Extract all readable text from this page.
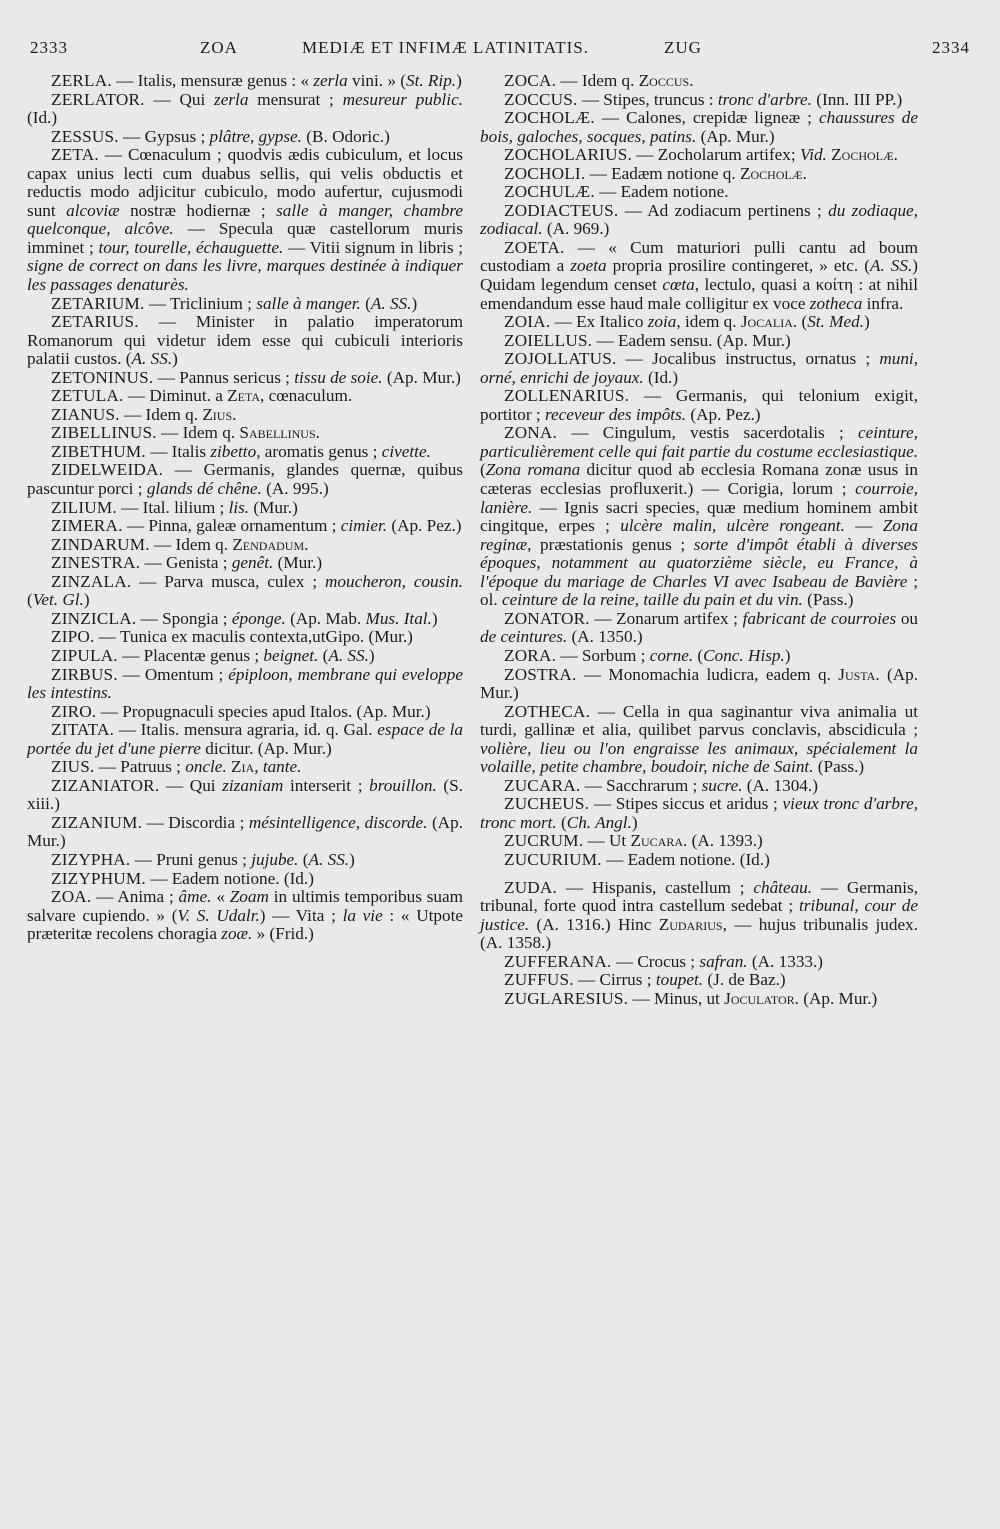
2333	ZOA	MEDIÆ ET INFIMÆ LATINITATIS.	ZUG	2334

ZERLA. — Italis, mensuræ genus : « zerla vini. » (St. Rip.)

ZERLATOR. — Qui zerla mensurat ; mesureur public. (Id.)

ZESSUS. — Gypsus ; plâtre, gypse. (B. Odoric.)

ZETA. — Cœnaculum ; quodvis ædis cubiculum, et locus capax unius lecti cum duabus sellis, qui velis obductis et reductis modo adjicitur cubiculo, modo aufertur, cujusmodi sunt alcoviæ nostræ hodiernæ ; salle à manger, chambre quelconque, alcôve. — Specula quæ castellorum muris imminet ; tour, tourelle, échauguette. — Vitii signum in libris ; signe de correct on dans les livre, marques destinée à indiquer les passages denaturès.

ZETARIUM. — Triclinium ; salle à manger. (A. SS.)

ZETARIUS. — Minister in palatio imperatorum Romanorum qui videtur idem esse qui cubiculi interioris palatii custos. (A. SS.)

ZETONINUS. — Pannus sericus ; tissu de soie. (Ap. Mur.)

ZETULA. — Diminut. a Zeta, cœnaculum.

ZIANUS. — Idem q. Zius.

ZIBELLINUS. — Idem q. Sabellinus.

ZIBETHUM. — Italis zibetto, aromatis genus ; civette.

ZIDELWEIDA. — Germanis, glandes quernæ, quibus pascuntur porci ; glands dé chêne. (A. 995.)

ZILIUM. — Ital. lilium ; lis. (Mur.)

ZIMERA. — Pinna, galeæ ornamentum ; cimier. (Ap. Pez.)

ZINDARUM. — Idem q. Zendadum.

ZINESTRA. — Genista ; genêt. (Mur.)

ZINZALA. — Parva musca, culex ; moucheron, cousin. (Vet. Gl.)

ZINZICLA. — Spongia ; éponge. (Ap. Mab. Mus. Ital.)

ZIPO. — Tunica ex maculis contexta,utGipo. (Mur.)

ZIPULA. — Placentæ genus ; beignet. (A. SS.)

ZIRBUS. — Omentum ; épiploon, membrane qui eveloppe les intestins.

ZIRO. — Propugnaculi species apud Italos. (Ap. Mur.)

ZITATA. — Italis. mensura agraria, id. q. Gal. espace de la portée du jet d'une pierre dicitur. (Ap. Mur.)

ZIUS. — Patruus ; oncle. Zia, tante.

ZIZANIATOR. — Qui zizaniam interserit ; brouillon. (S. xiii.)

ZIZANIUM. — Discordia ; mésintelligence, discorde. (Ap. Mur.)

ZIZYPHA. — Pruni genus ; jujube. (A. SS.)

ZIZYPHUM. — Eadem notione. (Id.)

ZOA. — Anima ; âme. « Zoam in ultimis temporibus suam salvare cupiendo. » (V. S. Udalr.) — Vita ; la vie : « Utpote præteritæ recolens choragia zoæ. » (Frid.)

ZOCA. — Idem q. Zoccus.

ZOCCUS. — Stipes, truncus : tronc d'arbre. (Inn. III PP.)

ZOCHOLÆ. — Calones, crepidæ ligneæ ; chaussures de bois, galoches, socques, patins. (Ap. Mur.)

ZOCHOLARIUS. — Zocholarum artifex; Vid. Zocholæ.

ZOCHOLI. — Eadæm notione q. Zocholæ.

ZOCHULÆ. — Eadem notione.

ZODIACTEUS. — Ad zodiacum pertinens ; du zodiaque, zodiacal. (A. 969.)

ZOETA. — « Cum maturiori pulli cantu ad boum custodiam a zoeta propria prosilire contingeret, » etc. (A. SS.) Quidam legendum censet cœta, lectulo, quasi a κοίτη : at nihil emendandum esse haud male colligitur ex voce zotheca infra.

ZOIA. — Ex Italico zoia, idem q. Jocalia. (St. Med.)

ZOIELLUS. — Eadem sensu. (Ap. Mur.)

ZOJOLLATUS. — Jocalibus instructus, ornatus ; muni, orné, enrichi de joyaux. (Id.)

ZOLLENARIUS. — Germanis, qui telonium exigit, portitor ; receveur des impôts. (Ap. Pez.)

ZONA. — Cingulum, vestis sacerdotalis ; ceinture, particulièrement celle qui fait partie du costume ecclesiastique. (Zona romana dicitur quod ab ecclesia Romana zonæ usus in cæteras ecclesias profluxerit.) — Corigia, lorum ; courroie, lanière. — Ignis sacri species, quæ medium hominem ambit cingitque, erpes ; ulcère malin, ulcère rongeant. — Zona reginæ, præstationis genus ; sorte d'impôt établi à diverses époques, notamment au quatorzième siècle, eu France, à l'époque du mariage de Charles VI avec Isabeau de Bavière ; ol. ceinture de la reine, taille du pain et du vin. (Pass.)

ZONATOR. — Zonarum artifex ; fabricant de courroies ou de ceintures. (A. 1350.)

ZORA. — Sorbum ; corne. (Conc. Hisp.)

ZOSTRA. — Monomachia ludicra, eadem q. Justa. (Ap. Mur.)

ZOTHECA. — Cella in qua saginantur viva animalia ut turdi, gallinæ et alia, quilibet parvus conclavis, abscidicula ; volière, lieu ou l'on engraisse les animaux, spécialement la volaille, petite chambre, boudoir, niche de Saint. (Pass.)

ZUCARA. — Sacchrarum ; sucre. (A. 1304.)

ZUCHEUS. — Stipes siccus et aridus ; vieux tronc d'arbre, tronc mort. (Ch. Angl.)

ZUCRUM. — Ut Zucara. (A. 1393.)

ZUCURIUM. — Eadem notione. (Id.)

ZUDA. — Hispanis, castellum ; château. — Germanis, tribunal, forte quod intra castellum sedebat ; tribunal, cour de justice. (A. 1316.) Hinc Zudarius, — hujus tribunalis judex. (A. 1358.)

ZUFFERANA. — Crocus ; safran. (A. 1333.)

ZUFFUS. — Cirrus ; toupet. (J. de Baz.)

ZUGLARESIUS. — Minus, ut Joculator. (Ap. Mur.)
